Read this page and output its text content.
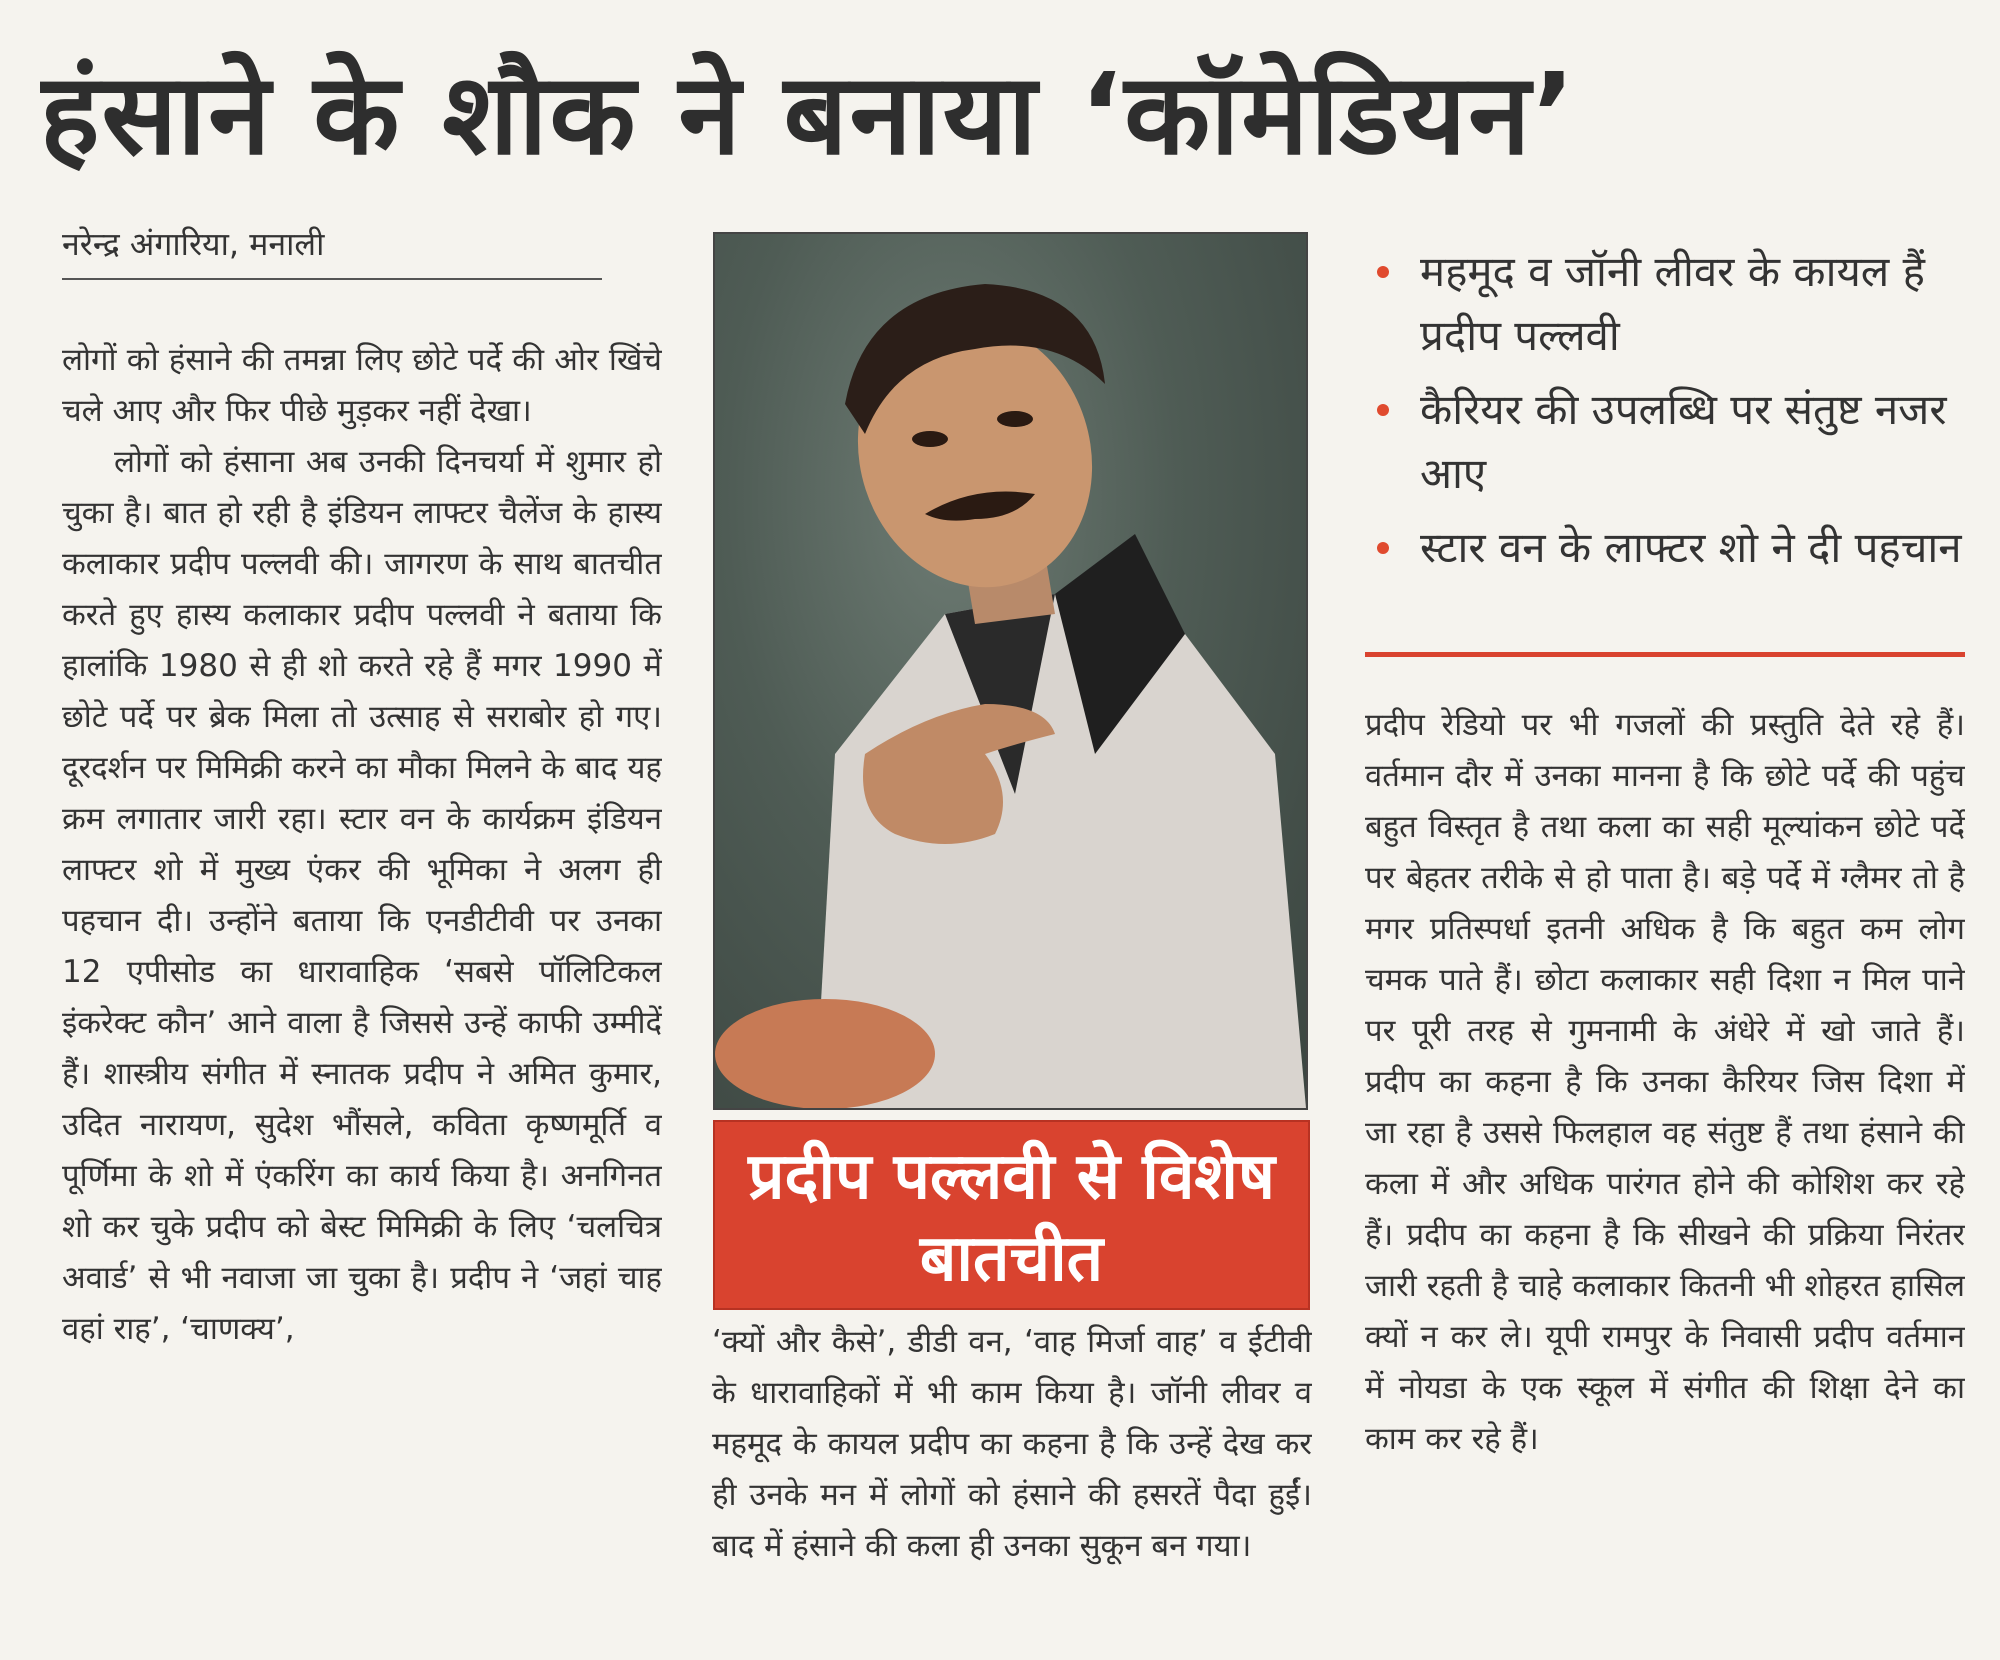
हंसाने के शौक ने बनाया ‘कॉमेडियन’
नरेन्द्र अंगारिया, मनाली

लोगों को हंसाने की तमन्ना लिए छोटे पर्दे की ओर खिंचे चले आए और फिर पीछे मुड़कर नहीं देखा।

लोगों को हंसाना अब उनकी दिनचर्या में शुमार हो चुका है। बात हो रही है इंडियन लाफ्टर चैलेंज के हास्य कलाकार प्रदीप पल्लवी की। जागरण के साथ बातचीत करते हुए हास्य कलाकार प्रदीप पल्लवी ने बताया कि हालांकि 1980 से ही शो करते रहे हैं मगर 1990 में छोटे पर्दे पर ब्रेक मिला तो उत्साह से सराबोर हो गए। दूरदर्शन पर मिमिक्री करने का मौका मिलने के बाद यह क्रम लगातार जारी रहा। स्टार वन के कार्यक्रम इंडियन लाफ्टर शो में मुख्य एंकर की भूमिका ने अलग ही पहचान दी। उन्होंने बताया कि एनडीटीवी पर उनका 12 एपीसोड का धारावाहिक ‘सबसे पॉलिटिकल इंकरेक्ट कौन’ आने वाला है जिससे उन्हें काफी उम्मीदें हैं। शास्त्रीय संगीत में स्नातक प्रदीप ने अमित कुमार, उदित नारायण, सुदेश भौंसले, कविता कृष्णमूर्ति व पूर्णिमा के शो में एंकरिंग का कार्य किया है। अनगिनत शो कर चुके प्रदीप को बेस्ट मिमिक्री के लिए ‘चलचित्र अवार्ड’ से भी नवाजा जा चुका है। प्रदीप ने ‘जहां चाह वहां राह’, ‘चाणक्य’,

प्रदीप पल्लवी से विशेष बातचीत

‘क्यों और कैसे’, डीडी वन, ‘वाह मिर्जा वाह’ व ईटीवी के धारावाहिकों में भी काम किया है। जॉनी लीवर व महमूद के कायल प्रदीप का कहना है कि उन्हें देख कर ही उनके मन में लोगों को हंसाने की हसरतें पैदा हुईं। बाद में हंसाने की कला ही उनका सुकून बन गया।

महमूद व जॉनी लीवर के कायल हैं प्रदीप पल्लवी
कैरियर की उपलब्धि पर संतुष्ट नजर आए
स्टार वन के लाफ्टर शो ने दी पहचान

प्रदीप रेडियो पर भी गजलों की प्रस्तुति देते रहे हैं। वर्तमान दौर में उनका मानना है कि छोटे पर्दे की पहुंच बहुत विस्तृत है तथा कला का सही मूल्यांकन छोटे पर्दे पर बेहतर तरीके से हो पाता है। बड़े पर्दे में ग्लैमर तो है मगर प्रतिस्पर्धा इतनी अधिक है कि बहुत कम लोग चमक पाते हैं। छोटा कलाकार सही दिशा न मिल पाने पर पूरी तरह से गुमनामी के अंधेरे में खो जाते हैं। प्रदीप का कहना है कि उनका कैरियर जिस दिशा में जा रहा है उससे फिलहाल वह संतुष्ट हैं तथा हंसाने की कला में और अधिक पारंगत होने की कोशिश कर रहे हैं। प्रदीप का कहना है कि सीखने की प्रक्रिया निरंतर जारी रहती है चाहे कलाकार कितनी भी शोहरत हासिल क्यों न कर ले। यूपी रामपुर के निवासी प्रदीप वर्तमान में नोयडा के एक स्कूल में संगीत की शिक्षा देने का काम कर रहे हैं।
